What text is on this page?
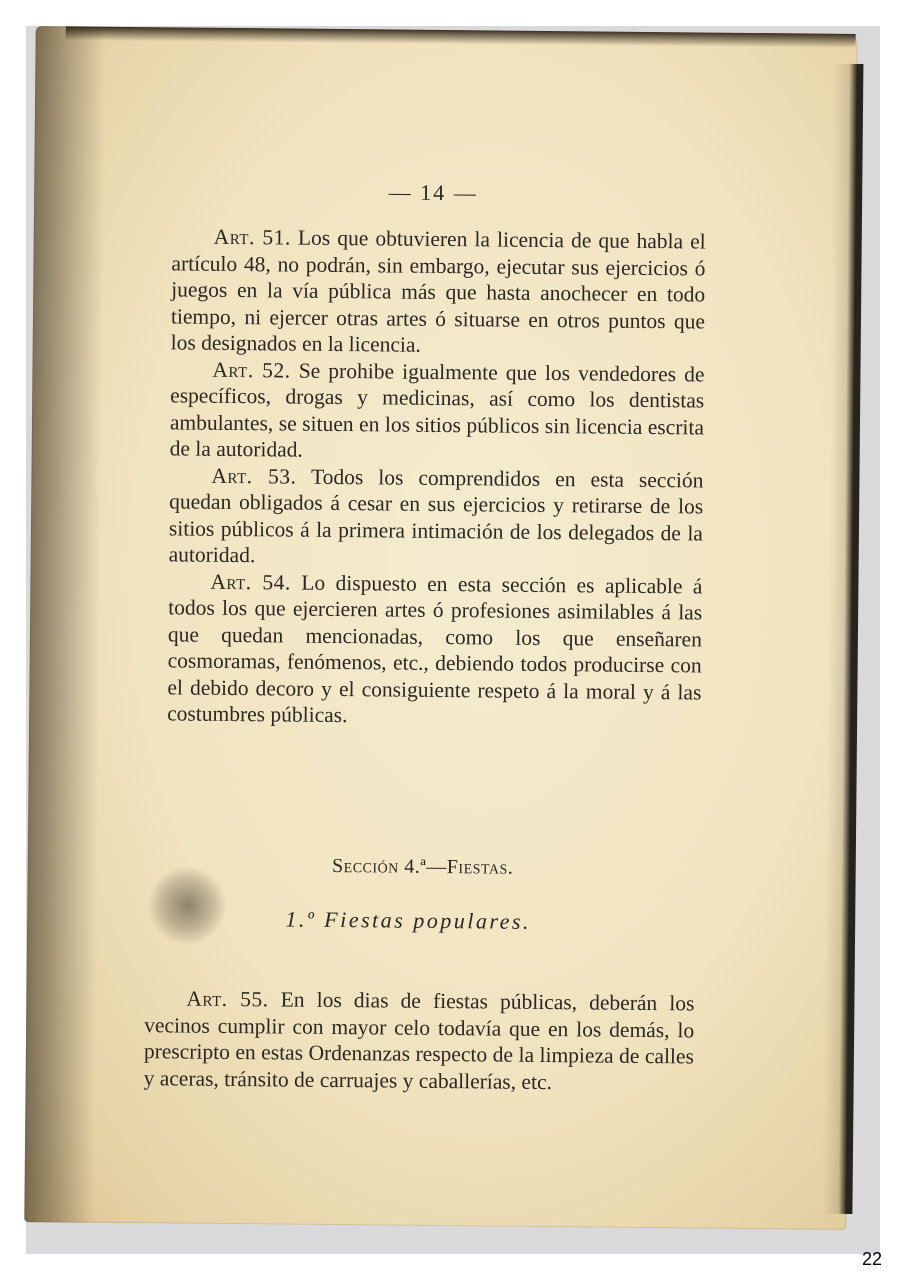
— 14 —

Art. 51. Los que obtuvieren la licencia de que habla el artículo 48, no podrán, sin embargo, ejecutar sus ejercicios ó juegos en la vía pública más que hasta anochecer en todo tiempo, ni ejercer otras artes ó situarse en otros puntos que los designados en la licencia.

Art. 52. Se prohibe igualmente que los vendedores de específicos, drogas y medicinas, así como los dentistas ambulantes, se situen en los sitios públicos sin licencia escrita de la autoridad.

Art. 53. Todos los comprendidos en esta sección quedan obligados á cesar en sus ejercicios y retirarse de los sitios públicos á la primera intimación de los delegados de la autoridad.

Art. 54. Lo dispuesto en esta sección es aplicable á todos los que ejercieren artes ó profesiones asimilables á las que quedan mencionadas, como los que enseñaren cosmoramas, fenómenos, etc., debiendo todos producirse con el debido decoro y el consiguiente respeto á la moral y á las costumbres públicas.

Sección 4.ª—Fiestas.
1.º Fiestas populares.

Art. 55. En los dias de fiestas públicas, deberán los vecinos cumplir con mayor celo todavía que en los demás, lo prescripto en estas Ordenanzas respecto de la limpieza de calles y aceras, tránsito de carruajes y caballerías, etc.

22
